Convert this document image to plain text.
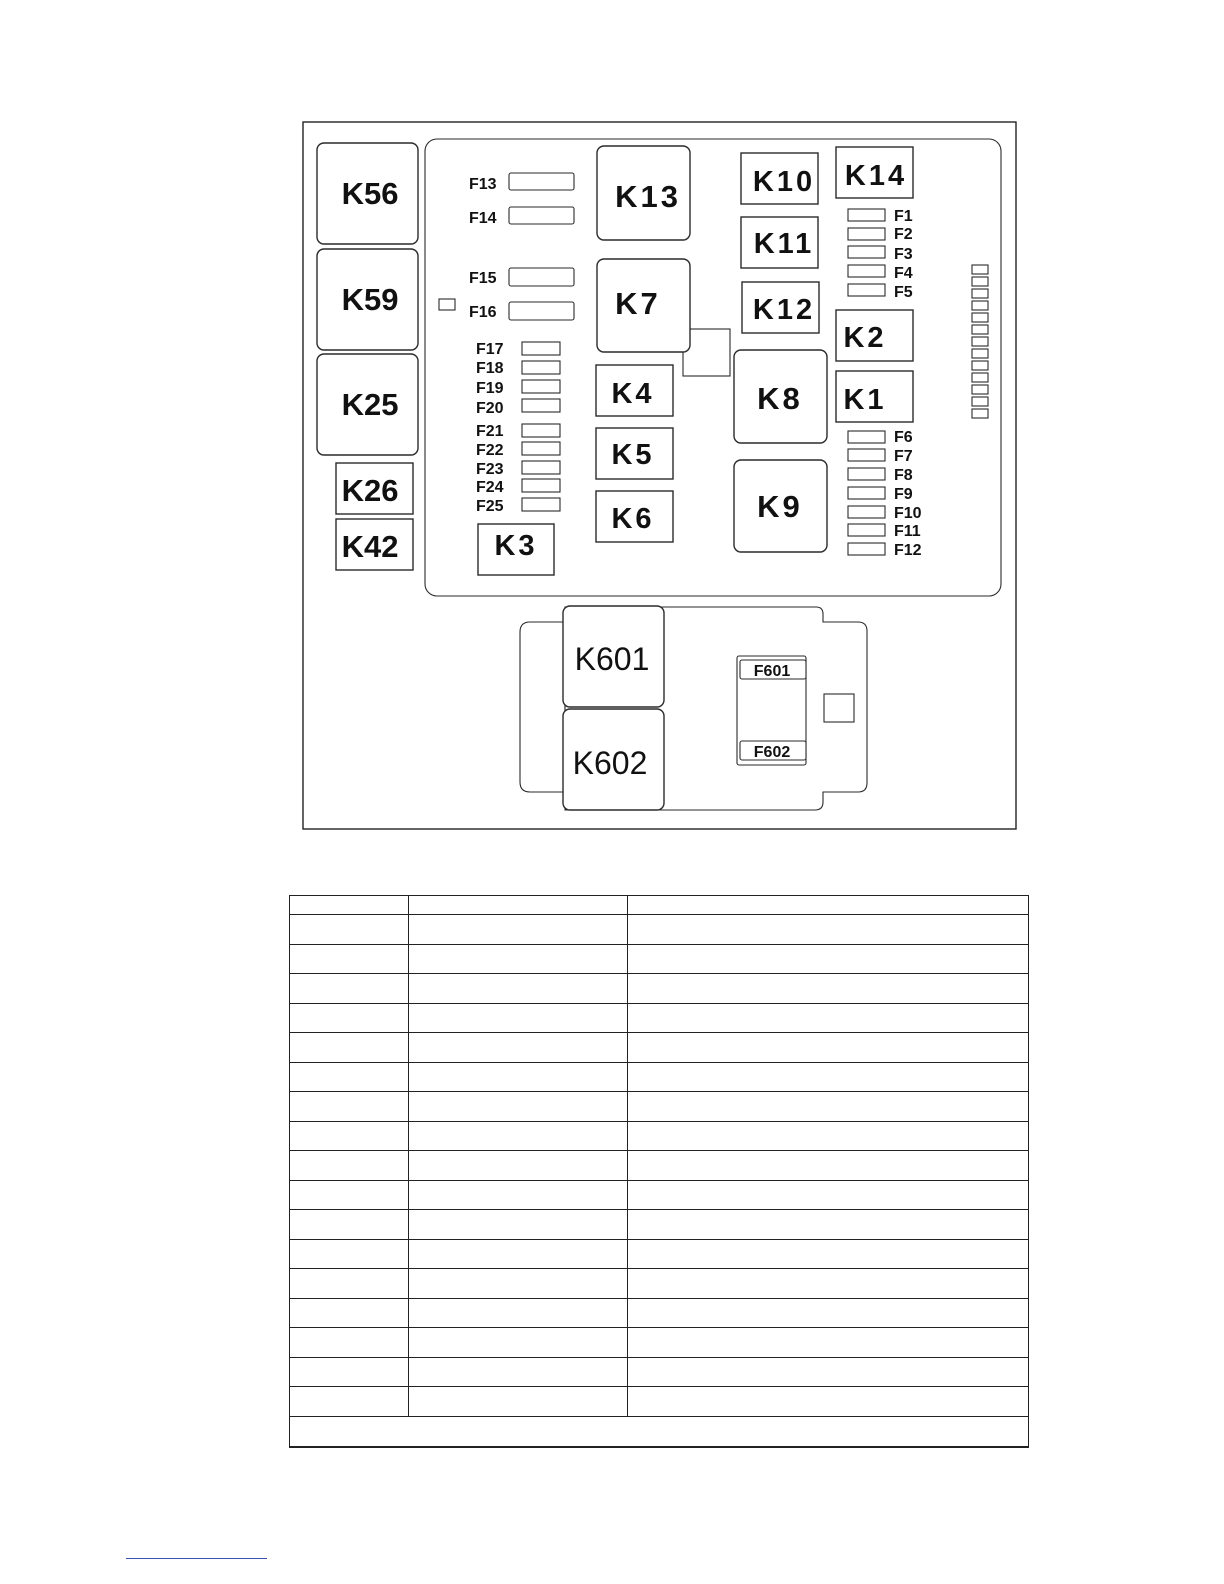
K56
K59
K25
K26
K42
F13
F14
F15
F16
F17
F18
F19
F20
F21
F22
F23
F24
F25
K3
K13
K7
K4
K5
K6
K10
K11
K12
K8
K9
K14
K2
K1
F1
F2
F3
F4
F5
F6
F7
F8
F9
F10
F11
F12
K601
K602
F601
F602
